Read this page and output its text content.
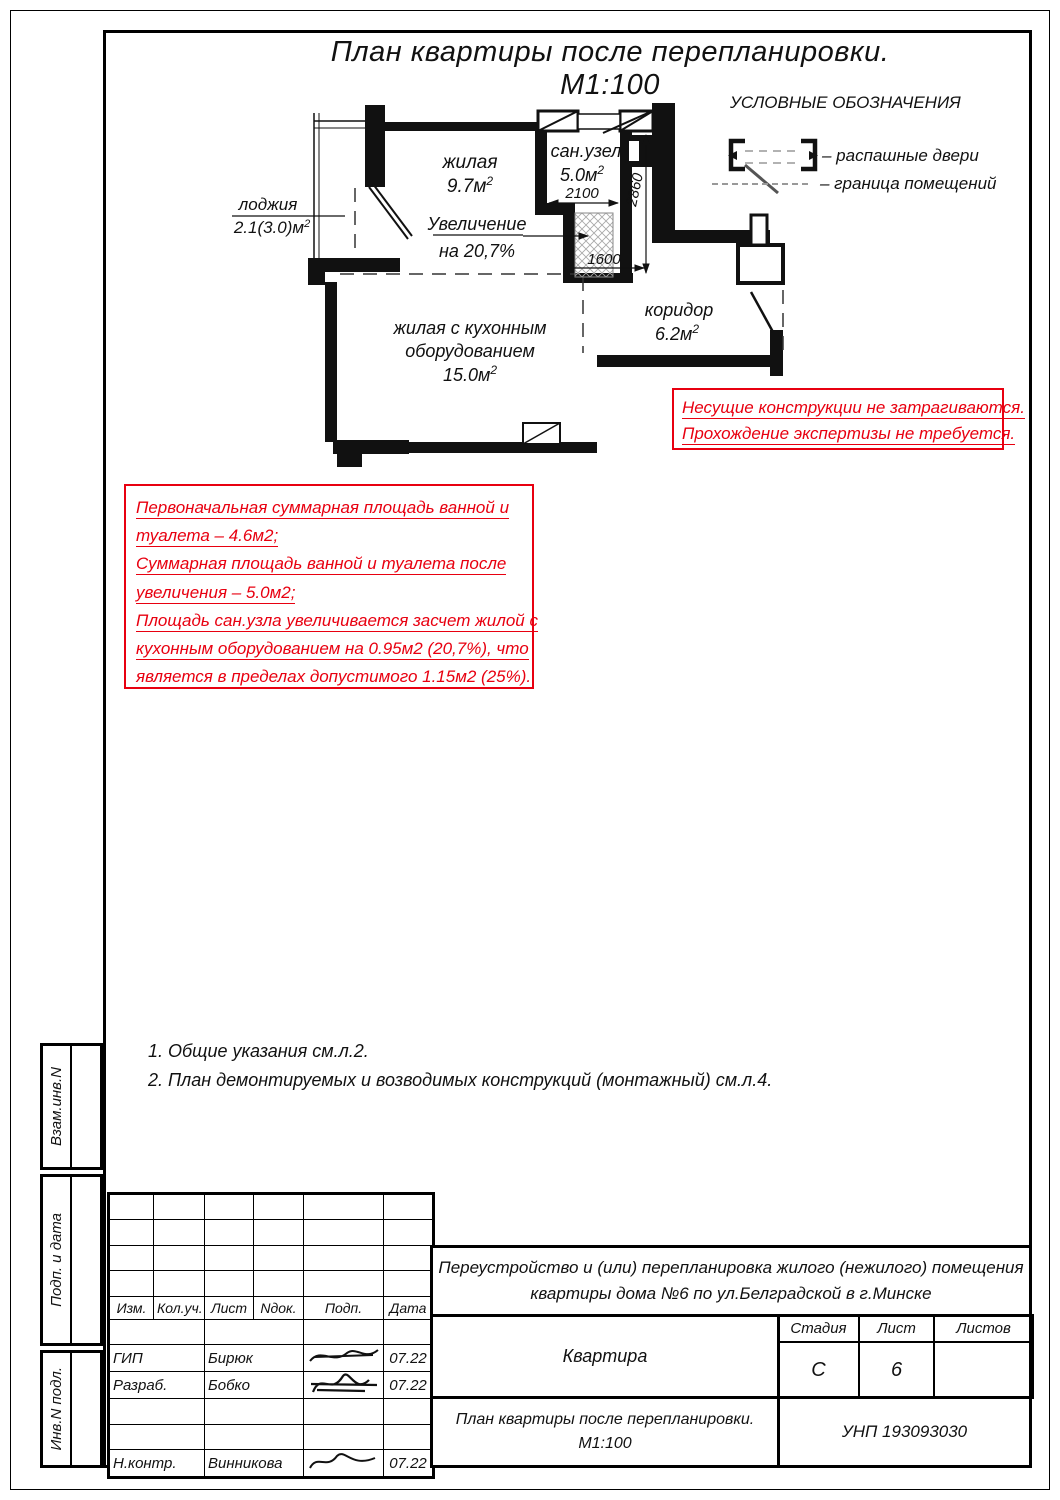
План квартиры после перепланировки. М1:100
жилая
$9.7м^2$
сан.узел
$5.0м^2$
2100 2860
1600
Увеличение
на 20,7%
жилая с кухонным
оборудованием
$15.0м^2$
коридор
$6.2м^2$
лоджия
$2.1(3.0)м^2$
УСЛОВНЫЕ ОБОЗНАЧЕНИЯ
– распашные двери
– граница помещений
Несущие конструкции не затрагиваются.
Прохождение экспертизы не требуется.
Первоначальная суммарная площадь ванной и
туалета – 4.6м2;
Суммарная площадь ванной и туалета после
увеличения – 5.0м2;
Площадь сан.узла увеличивается засчет жилой с
кухонным оборудованием на 0.95м2 (20,7%), что
является в пределах допустимого 1.15м2 (25%).
1. Общие указания см.л.2.
2. План демонтируемых и возводимых конструкций (монтажный) см.л.4.
Взам.инв.N
Подп. и дата
Инв.N подл.

Изм.	Кол.уч.	Лист	Nдок.	Подп.	Дата

ГИП		Бирюк			07.22
Разраб.		Бобко			07.22

Н.контр.		Винникова			07.22
Переустройство и (или) перепланировка жилого (нежилого) помещения
квартиры дома №6 по ул.Белградской в г.Минске
Квартира
Стадия	Лист	Листов
С	6	
План квартиры после перепланировки.
М1:100
УНП 193093030
